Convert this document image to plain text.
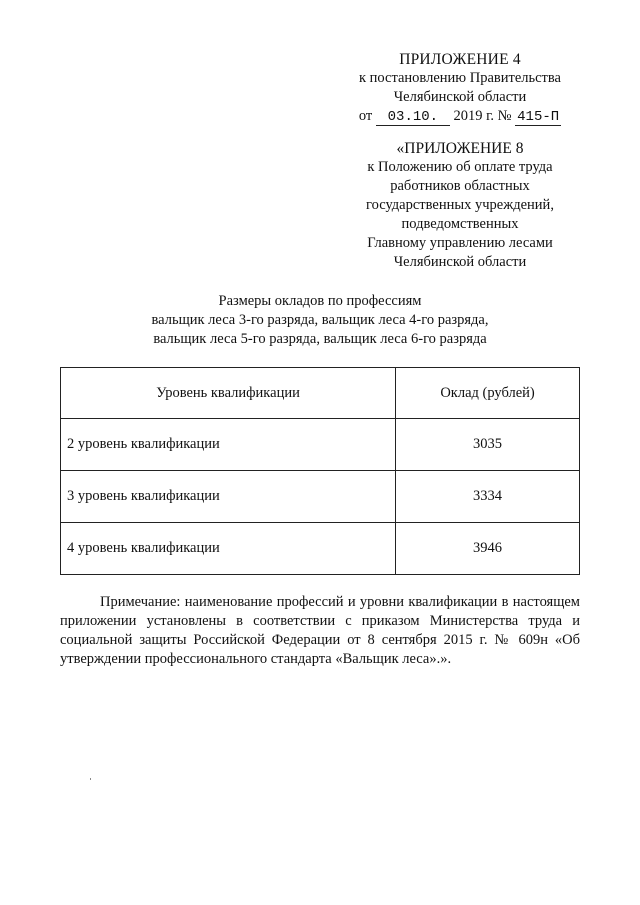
ПРИЛОЖЕНИЕ 4
к постановлению Правительства
Челябинской области
от 03.10. 2019 г. № 415-П
«ПРИЛОЖЕНИЕ 8
к Положению об оплате труда
работников областных
государственных учреждений,
подведомственных
Главному управлению лесами
Челябинской области
Размеры окладов по профессиям
вальщик леса 3-го разряда, вальщик леса 4-го разряда,
вальщик леса 5-го разряда, вальщик леса 6-го разряда
Уровень квалификации	Оклад (рублей)
2 уровень квалификации	3035
3 уровень квалификации	3334
4 уровень квалификации	3946

Примечание: наименование профессий и уровни квалификации в настоящем приложении установлены в соответствии с приказом Министерства труда и социальной защиты Российской Федерации от 8 сентября 2015 г. № 609н «Об утверждении профессионального стандарта «Вальщик леса».».
